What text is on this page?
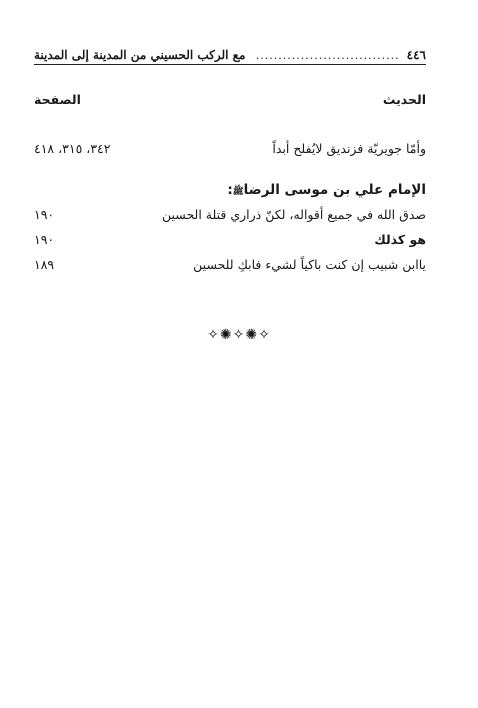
٤٤٦
................................
مع الركب الحسيني من المدينة إلى المدينة
الحديث
الصفحة
وأمّا جويريّة فزنديق لايُفلح أبداً
٣٤٢، ٣١٥، ٤١٨
الإمام علي بن موسى الرضاﷺ:
صدق الله في جميع أقواله، لكنّ ذراري قتلة الحسين
١٩٠
هو كذلك
١٩٠
ياابن شبيب إن كنت باكياً لشيء فابكِ للحسين
١٨٩
✧✺✧✺✧
